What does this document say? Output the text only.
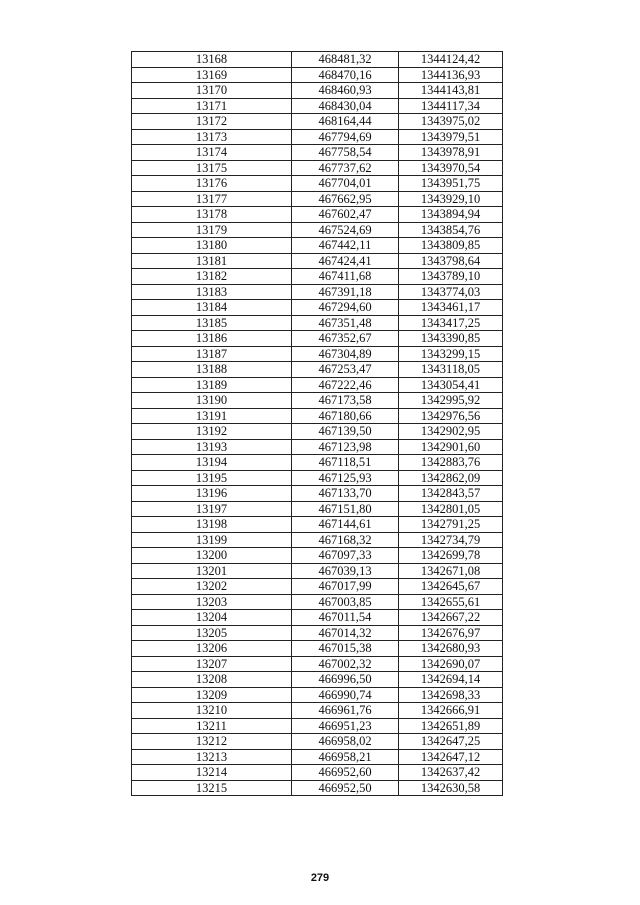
13168	468481,32	1344124,42
13169	468470,16	1344136,93
13170	468460,93	1344143,81
13171	468430,04	1344117,34
13172	468164,44	1343975,02
13173	467794,69	1343979,51
13174	467758,54	1343978,91
13175	467737,62	1343970,54
13176	467704,01	1343951,75
13177	467662,95	1343929,10
13178	467602,47	1343894,94
13179	467524,69	1343854,76
13180	467442,11	1343809,85
13181	467424,41	1343798,64
13182	467411,68	1343789,10
13183	467391,18	1343774,03
13184	467294,60	1343461,17
13185	467351,48	1343417,25
13186	467352,67	1343390,85
13187	467304,89	1343299,15
13188	467253,47	1343118,05
13189	467222,46	1343054,41
13190	467173,58	1342995,92
13191	467180,66	1342976,56
13192	467139,50	1342902,95
13193	467123,98	1342901,60
13194	467118,51	1342883,76
13195	467125,93	1342862,09
13196	467133,70	1342843,57
13197	467151,80	1342801,05
13198	467144,61	1342791,25
13199	467168,32	1342734,79
13200	467097,33	1342699,78
13201	467039,13	1342671,08
13202	467017,99	1342645,67
13203	467003,85	1342655,61
13204	467011,54	1342667,22
13205	467014,32	1342676,97
13206	467015,38	1342680,93
13207	467002,32	1342690,07
13208	466996,50	1342694,14
13209	466990,74	1342698,33
13210	466961,76	1342666,91
13211	466951,23	1342651,89
13212	466958,02	1342647,25
13213	466958,21	1342647,12
13214	466952,60	1342637,42
13215	466952,50	1342630,58
279
